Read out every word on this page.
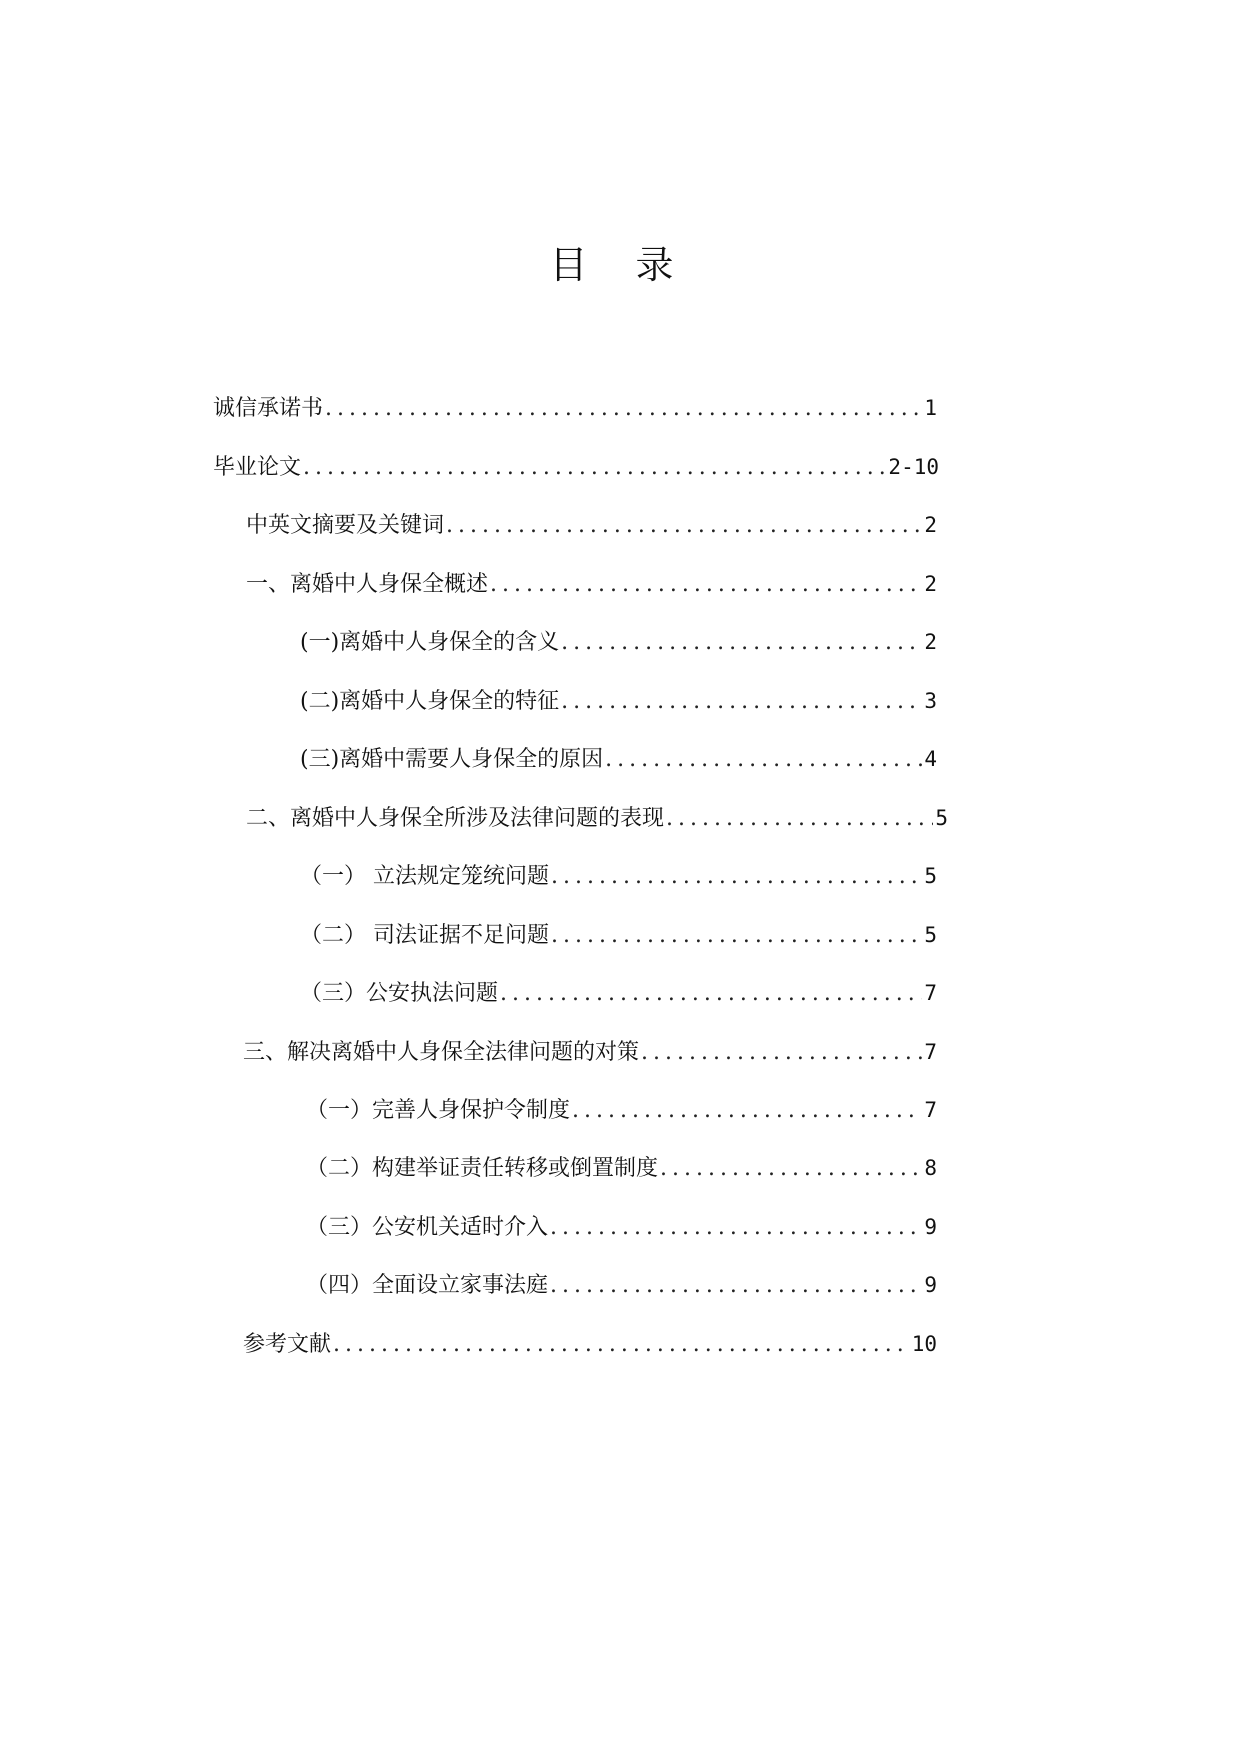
目 录
诚信承诺书 .....	1
毕业论文 .....	2-10
中英文摘要及关键词 .....	2
一、离婚中人身保全概述 .....	2
(一)离婚中人身保全的含义 .....	2
(二)离婚中人身保全的特征 .....	3
(三)离婚中需要人身保全的原因 .....	4
二、离婚中人身保全所涉及法律问题的表现 .....	5
（一） 立法规定笼统问题 .....	5
（二） 司法证据不足问题 .....	5
（三）公安执法问题 .....	7
三、解决离婚中人身保全法律问题的对策 .....	7
（一）完善人身保护令制度 .....	7
（二）构建举证责任转移或倒置制度 .....	8
（三）公安机关适时介入 .....	9
（四）全面设立家事法庭 .....	9
参考文献 .....	10
